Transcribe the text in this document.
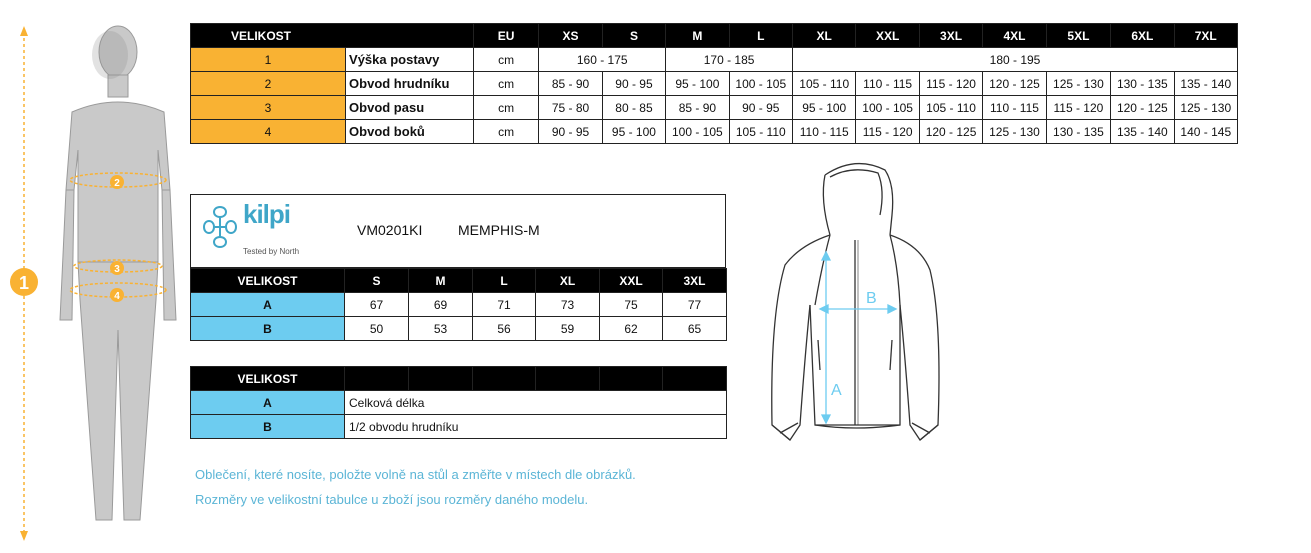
1
2
3
4
VELIKOST		EU	XS	S	M	L	XL	XXL	3XL	4XL	5XL	6XL	7XL
1	Výška postavy	cm	160 - 175		170 - 185		180 - 195						
2	Obvod hrudníku	cm	85 - 90	90 - 95	95 - 100	100 - 105	105 - 110	110 - 115	115 - 120	120 - 125	125 - 130	130 - 135	135 - 140
3	Obvod pasu	cm	75 - 80	80 - 85	85 - 90	90 - 95	95 - 100	100 - 105	105 - 110	110 - 115	115 - 120	120 - 125	125 - 130
4	Obvod boků	cm	90 - 95	95 - 100	100 - 105	105 - 110	110 - 115	115 - 120	120 - 125	125 - 130	130 - 135	135 - 140	140 - 145
kilpi
Tested by North
VM0201KI	MEMPHIS-M
VELIKOST	S	M	L	XL	XXL	3XL
A	67	69	71	73	75	77
B	50	53	56	59	62	65
VELIKOST						
A	Celková délka					
B	1/2 obvodu hrudníku					
B
A
Oblečení, které nosíte, položte volně na stůl a změřte v místech dle obrázků.
Rozměry ve velikostní tabulce u zboží jsou rozměry daného modelu.
